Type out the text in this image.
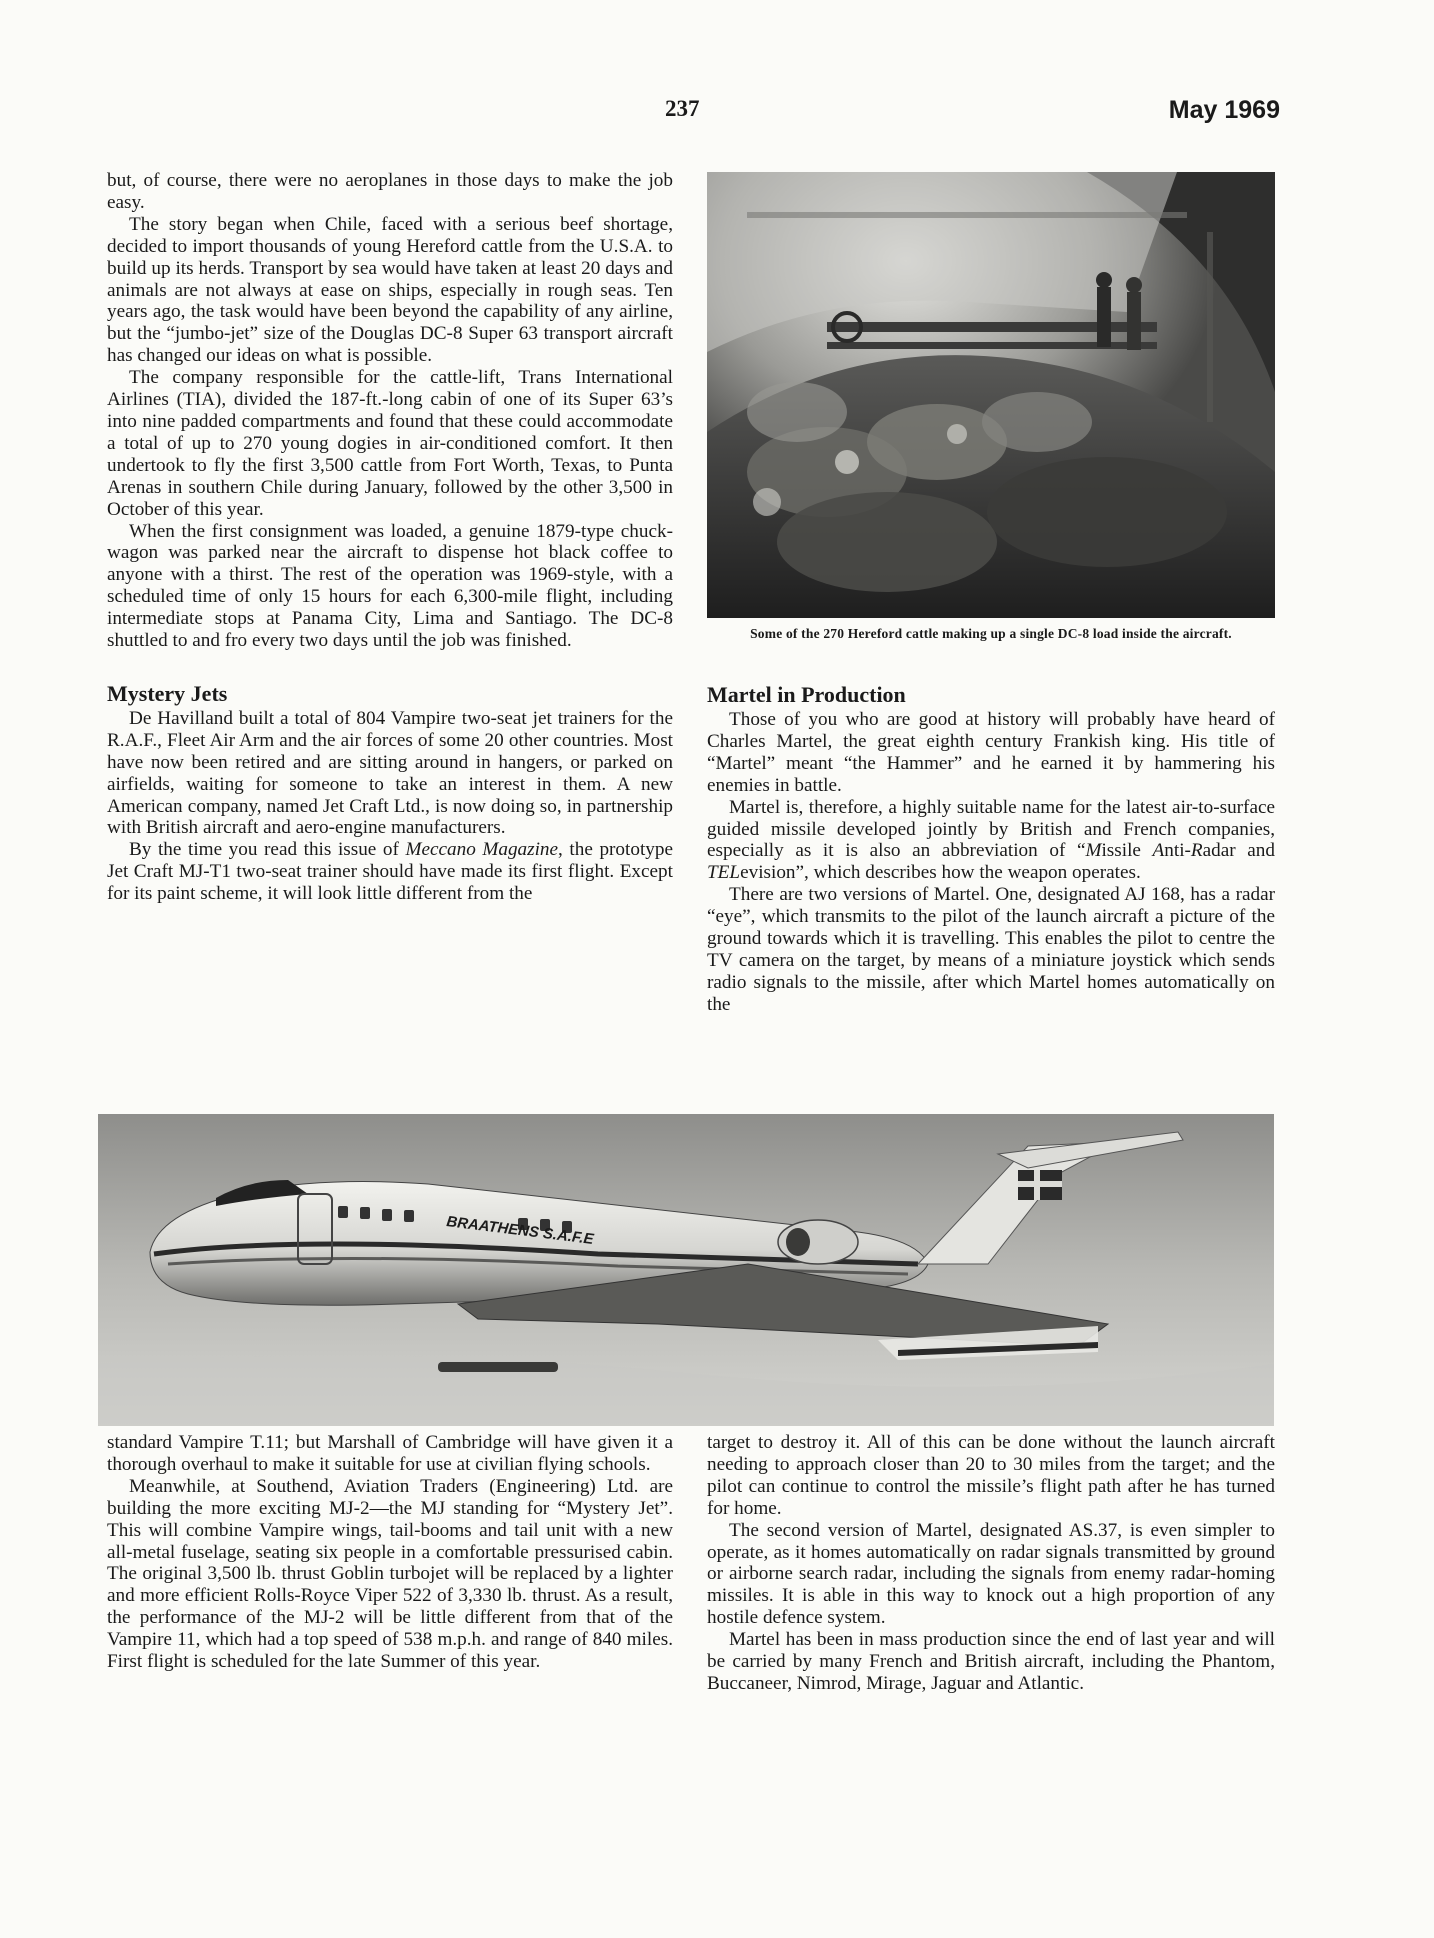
237	May 1969

but, of course, there were no aeroplanes in those days to make the job easy.

The story began when Chile, faced with a serious beef shortage, decided to import thousands of young Hereford cattle from the U.S.A. to build up its herds. Transport by sea would have taken at least 20 days and animals are not always at ease on ships, especially in rough seas. Ten years ago, the task would have been beyond the capability of any airline, but the “jumbo-jet” size of the Douglas DC-8 Super 63 transport aircraft has changed our ideas on what is possible.

The company responsible for the cattle-lift, Trans International Airlines (TIA), divided the 187-ft.-long cabin of one of its Super 63’s into nine padded compartments and found that these could accommodate a total of up to 270 young dogies in air-conditioned comfort. It then undertook to fly the first 3,500 cattle from Fort Worth, Texas, to Punta Arenas in southern Chile during January, followed by the other 3,500 in October of this year.

When the first consignment was loaded, a genuine 1879-type chuck-wagon was parked near the aircraft to dispense hot black coffee to anyone with a thirst. The rest of the operation was 1969-style, with a scheduled time of only 15 hours for each 6,300-mile flight, including intermediate stops at Panama City, Lima and Santiago. The DC-8 shuttled to and fro every two days until the job was finished.

Mystery Jets

De Havilland built a total of 804 Vampire two-seat jet trainers for the R.A.F., Fleet Air Arm and the air forces of some 20 other countries. Most have now been retired and are sitting around in hangers, or parked on airfields, waiting for someone to take an interest in them. A new American company, named Jet Craft Ltd., is now doing so, in partnership with British aircraft and aero-engine manufacturers.

By the time you read this issue of Meccano Magazine, the prototype Jet Craft MJ-T1 two-seat trainer should have made its first flight. Except for its paint scheme, it will look little different from the

Some of the 270 Hereford cattle making up a single DC-8 load inside the aircraft.
Martel in Production

Those of you who are good at history will probably have heard of Charles Martel, the great eighth century Frankish king. His title of “Martel” meant “the Hammer” and he earned it by hammering his enemies in battle.

Martel is, therefore, a highly suitable name for the latest air-to-surface guided missile developed jointly by British and French companies, especially as it is also an abbreviation of “Missile Anti-Radar and TELevision”, which describes how the weapon operates.

There are two versions of Martel. One, designated AJ 168, has a radar “eye”, which transmits to the pilot of the launch aircraft a picture of the ground towards which it is travelling. This enables the pilot to centre the TV camera on the target, by means of a miniature joystick which sends radio signals to the missile, after which Martel homes automatically on the

BRAATHENS S.A.F.E

standard Vampire T.11; but Marshall of Cambridge will have given it a thorough overhaul to make it suitable for use at civilian flying schools.

Meanwhile, at Southend, Aviation Traders (Engineering) Ltd. are building the more exciting MJ-2—the MJ standing for “Mystery Jet”. This will combine Vampire wings, tail-booms and tail unit with a new all-metal fuselage, seating six people in a comfortable pressurised cabin. The original 3,500 lb. thrust Goblin turbojet will be replaced by a lighter and more efficient Rolls-Royce Viper 522 of 3,330 lb. thrust. As a result, the performance of the MJ-2 will be little different from that of the Vampire 11, which had a top speed of 538 m.p.h. and range of 840 miles. First flight is scheduled for the late Summer of this year.

target to destroy it. All of this can be done without the launch aircraft needing to approach closer than 20 to 30 miles from the target; and the pilot can continue to control the missile’s flight path after he has turned for home.

The second version of Martel, designated AS.37, is even simpler to operate, as it homes automatically on radar signals transmitted by ground or airborne search radar, including the signals from enemy radar-homing missiles. It is able in this way to knock out a high proportion of any hostile defence system.

Martel has been in mass production since the end of last year and will be carried by many French and British aircraft, including the Phantom, Buccaneer, Nimrod, Mirage, Jaguar and Atlantic.
